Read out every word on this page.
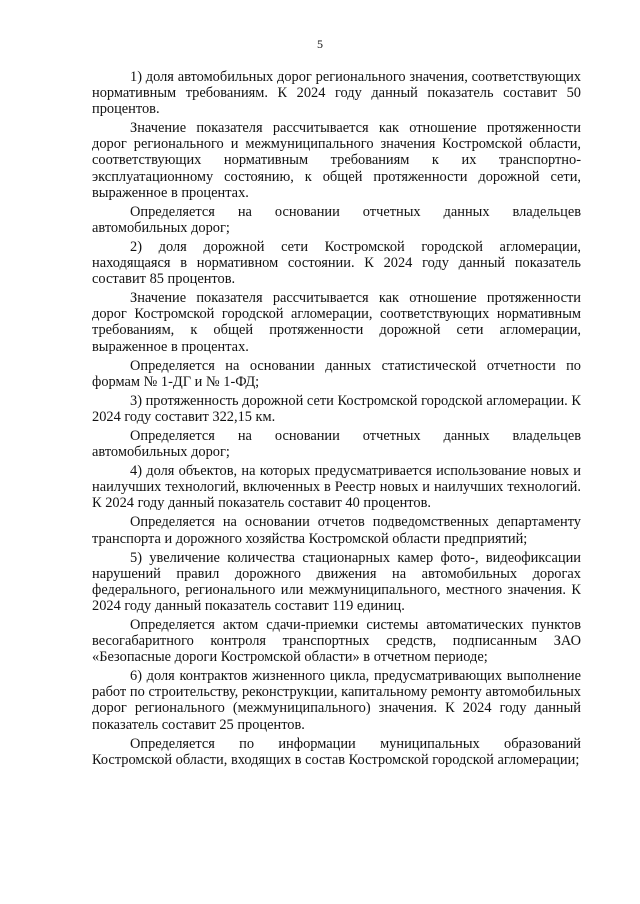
5

1) доля автомобильных дорог регионального значения, соответствующих нормативным требованиям. К 2024 году данный показатель составит 50 процентов.

Значение показателя рассчитывается как отношение протяженности дорог регионального и межмуниципального значения Костромской области, соответствующих нормативным требованиям к их транспортно-эксплуатационному состоянию, к общей протяженности дорожной сети, выраженное в процентах.

Определяется на основании отчетных данных владельцев автомобильных дорог;

2) доля дорожной сети Костромской городской агломерации, находящаяся в нормативном состоянии. К 2024 году данный показатель составит 85 процентов.

Значение показателя рассчитывается как отношение протяженности дорог Костромской городской агломерации, соответствующих нормативным требованиям, к общей протяженности дорожной сети агломерации, выраженное в процентах.

Определяется на основании данных статистической отчетности по формам № 1-ДГ и № 1-ФД;

3) протяженность дорожной сети Костромской городской агломерации. К 2024 году составит 322,15 км.

Определяется на основании отчетных данных владельцев автомобильных дорог;

4) доля объектов, на которых предусматривается использование новых и наилучших технологий, включенных в Реестр новых и наилучших технологий. К 2024 году данный показатель составит 40 процентов.

Определяется на основании отчетов подведомственных департаменту транспорта и дорожного хозяйства Костромской области предприятий;

5) увеличение количества стационарных камер фото-, видеофиксации нарушений правил дорожного движения на автомобильных дорогах федерального, регионального или межмуниципального, местного значения. К 2024 году данный показатель составит 119 единиц.

Определяется актом сдачи-приемки системы автоматических пунктов весогабаритного контроля транспортных средств, подписанным ЗАО «Безопасные дороги Костромской области» в отчетном периоде;

6) доля контрактов жизненного цикла, предусматривающих выполнение работ по строительству, реконструкции, капитальному ремонту автомобильных дорог регионального (межмуниципального) значения. К 2024 году данный показатель составит 25 процентов.

Определяется по информации муниципальных образований Костромской области, входящих в состав Костромской городской агломерации;
